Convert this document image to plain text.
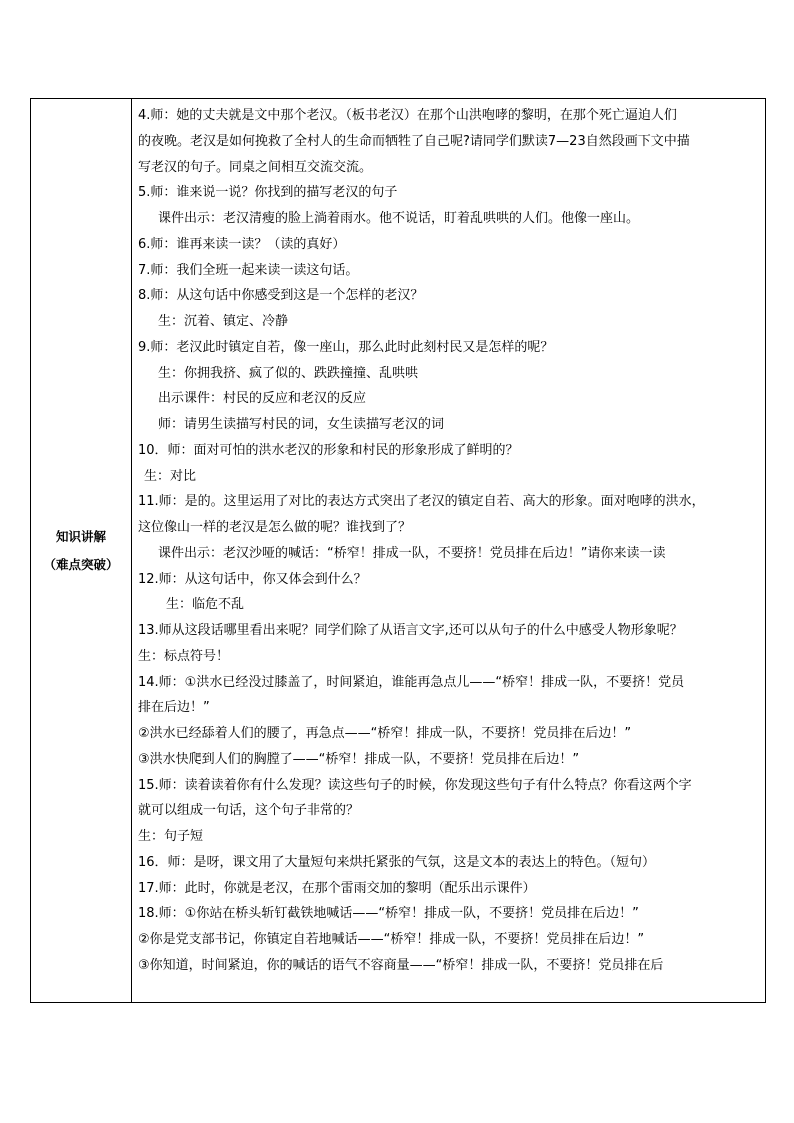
知识讲解
（难点突破）
4.师：她的丈夫就是文中那个老汉。（板书老汉）在那个山洪咆哮的黎明，在那个死亡逼迫人们
的夜晚。老汉是如何挽救了全村人的生命而牺牲了自己呢?请同学们默读7—23自然段画下文中描
写老汉的句子。同桌之间相互交流交流。
5.师：谁来说一说？你找到的描写老汉的句子
课件出示：老汉清瘦的脸上淌着雨水。他不说话，盯着乱哄哄的人们。他像一座山。
6.师：谁再来读一读？（读的真好）
7.师：我们全班一起来读一读这句话。
8.师：从这句话中你感受到这是一个怎样的老汉？
生：沉着、镇定、冷静
9.师：老汉此时镇定自若，像一座山，那么此时此刻村民又是怎样的呢？
生：你拥我挤、疯了似的、跌跌撞撞、乱哄哄
出示课件：村民的反应和老汉的反应
师：请男生读描写村民的词，女生读描写老汉的词
10．师：面对可怕的洪水老汉的形象和村民的形象形成了鲜明的？
生：对比
11.师：是的。这里运用了对比的表达方式突出了老汉的镇定自若、高大的形象。面对咆哮的洪水，
这位像山一样的老汉是怎么做的呢？谁找到了？
课件出示：老汉沙哑的喊话：“桥窄！排成一队，不要挤！党员排在后边！”请你来读一读
12.师：从这句话中，你又体会到什么？
生：临危不乱
13.师从这段话哪里看出来呢？同学们除了从语言文字,还可以从句子的什么中感受人物形象呢？
生：标点符号！
14.师：①洪水已经没过膝盖了，时间紧迫，谁能再急点儿——“桥窄！排成一队，不要挤！党员
排在后边！”
②洪水已经舔着人们的腰了，再急点——“桥窄！排成一队，不要挤！党员排在后边！”
③洪水快爬到人们的胸膛了——“桥窄！排成一队，不要挤！党员排在后边！”
15.师：读着读着你有什么发现？读这些句子的时候，你发现这些句子有什么特点？你看这两个字
就可以组成一句话，这个句子非常的？
生：句子短
16．师：是呀，课文用了大量短句来烘托紧张的气氛，这是文本的表达上的特色。（短句）
17.师：此时，你就是老汉，在那个雷雨交加的黎明（配乐出示课件）
18.师：①你站在桥头斩钉截铁地喊话——“桥窄！排成一队，不要挤！党员排在后边！”
②你是党支部书记，你镇定自若地喊话——“桥窄！排成一队，不要挤！党员排在后边！”
③你知道，时间紧迫，你的喊话的语气不容商量——“桥窄！排成一队，不要挤！党员排在后
